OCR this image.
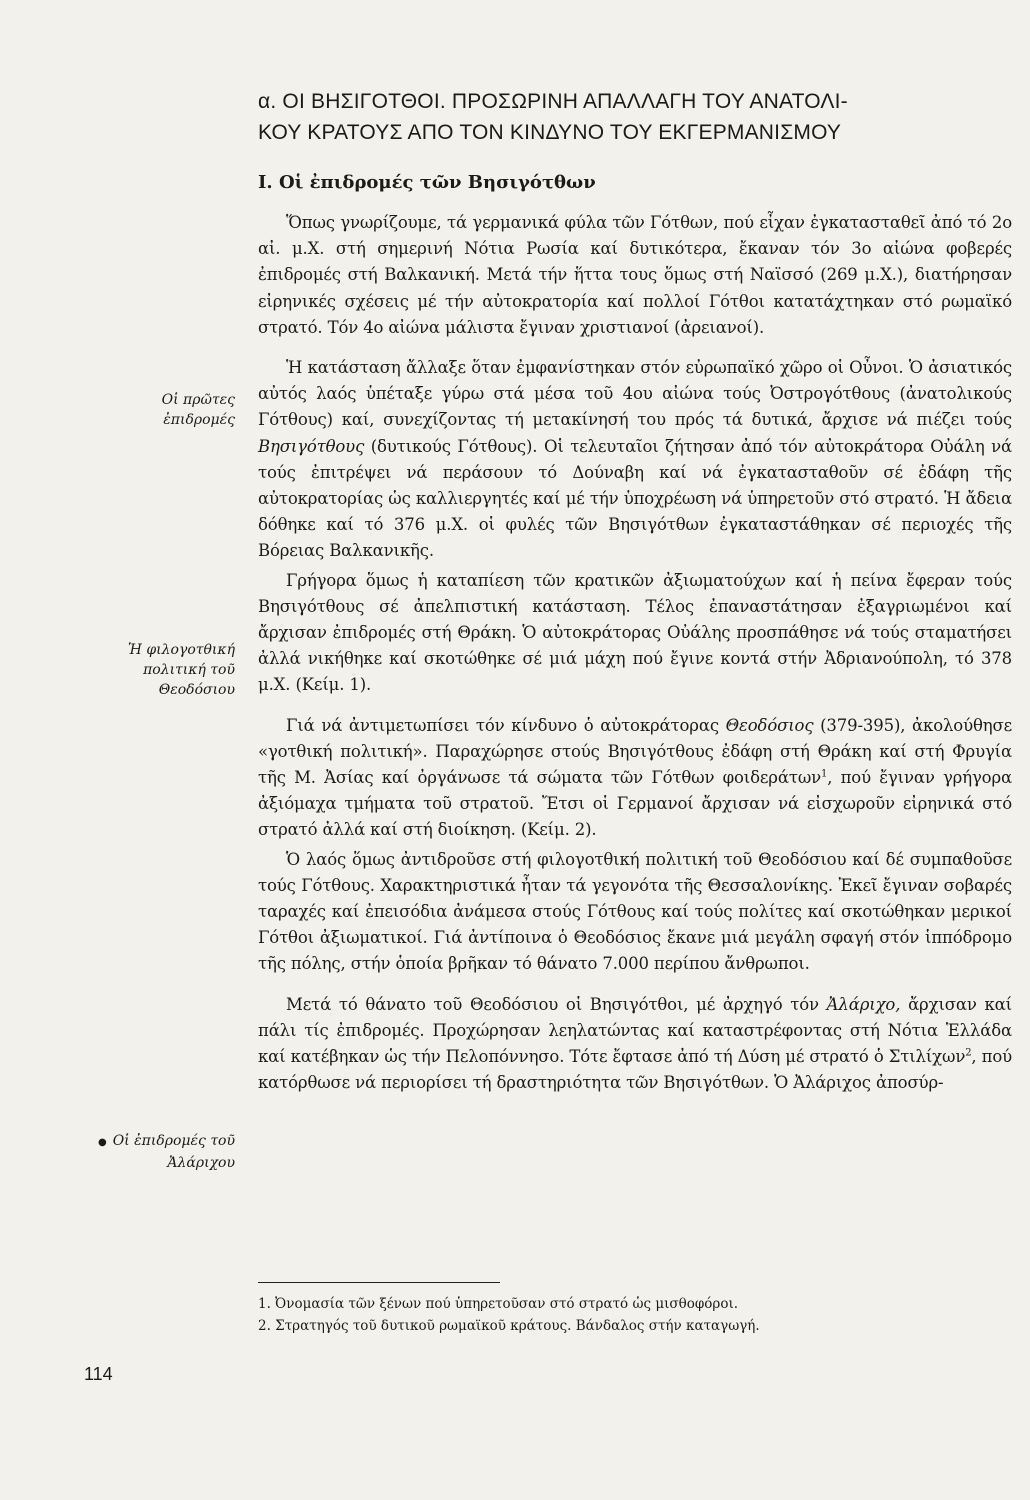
α. ΟΙ ΒΗΣΙΓΟΤΘΟΙ. ΠΡΟΣΩΡΙΝΗ ΑΠΑΛΛΑΓΗ ΤΟΥ ΑΝΑΤΟΛΙ-
ΚΟΥ ΚΡΑΤΟΥΣ ΑΠΟ ΤΟΝ ΚΙΝΔΥΝΟ ΤΟΥ ΕΚΓΕΡΜΑΝΙΣΜΟΥ
Ι. Οἱ ἐπιδρομές τῶν Βησιγότθων

Οἱ πρῶτες ἐπιδρομές

Ἡ φιλογοτθική πολιτική τοῦ Θεοδόσιου

● Οἱ ἐπιδρομές τοῦ Ἀλάριχου

Ὅπως γνωρίζουμε, τά γερμανικά φύλα τῶν Γότθων, πού εἶχαν ἐγκατασταθεῖ ἀπό τό 2ο αἰ. μ.Χ. στή σημερινή Νότια Ρωσία καί δυτικότερα, ἔκαναν τόν 3ο αἰώνα φοβερές ἐπιδρομές στή Βαλκανική. Μετά τήν ἥττα τους ὅμως στή Ναϊσσό (269 μ.Χ.), διατήρησαν εἰρηνικές σχέσεις μέ τήν αὐτοκρατορία καί πολλοί Γότθοι κατατάχτηκαν στό ρωμαϊκό στρατό. Τόν 4ο αἰώνα μάλιστα ἔγιναν χριστιανοί (ἀρειανοί).

Ἡ κατάσταση ἄλλαξε ὅταν ἐμφανίστηκαν στόν εὐρωπαϊκό χῶρο οἱ Οὖνοι. Ὁ ἀσιατικός αὐτός λαός ὑπέταξε γύρω στά μέσα τοῦ 4ου αἰώνα τούς Ὀστρογότθους (ἀνατολικούς Γότθους) καί, συνεχίζοντας τή μετακίνησή του πρός τά δυτικά, ἄρχισε νά πιέζει τούς Βησιγότθους (δυτικούς Γότθους). Οἱ τελευταῖοι ζήτησαν ἀπό τόν αὐτοκράτορα Οὐάλη νά τούς ἐπιτρέψει νά περάσουν τό Δούναβη καί νά ἐγκατασταθοῦν σέ ἐδάφη τῆς αὐτοκρατορίας ὡς καλλιεργητές καί μέ τήν ὑποχρέωση νά ὑπηρετοῦν στό στρατό. Ἡ ἄδεια δόθηκε καί τό 376 μ.Χ. οἱ φυλές τῶν Βησιγότθων ἐγκαταστάθηκαν σέ περιοχές τῆς Βόρειας Βαλκανικῆς.

Γρήγορα ὅμως ἡ καταπίεση τῶν κρατικῶν ἀξιωματούχων καί ἡ πείνα ἔφεραν τούς Βησιγότθους σέ ἀπελπιστική κατάσταση. Τέλος ἐπαναστάτησαν ἐξαγριωμένοι καί ἄρχισαν ἐπιδρομές στή Θράκη. Ὁ αὐτοκράτορας Οὐάλης προσπάθησε νά τούς σταματήσει ἀλλά νικήθηκε καί σκοτώθηκε σέ μιά μάχη πού ἔγινε κοντά στήν Ἀδριανούπολη, τό 378 μ.Χ. (Κείμ. 1).

Γιά νά ἀντιμετωπίσει τόν κίνδυνο ὁ αὐτοκράτορας Θεοδόσιος (379-395), ἀκολούθησε «γοτθική πολιτική». Παραχώρησε στούς Βησιγότθους ἐδάφη στή Θράκη καί στή Φρυγία τῆς Μ. Ἀσίας καί ὀργάνωσε τά σώματα τῶν Γότθων φοιδεράτων$^1$, πού ἔγιναν γρήγορα ἀξιόμαχα τμήματα τοῦ στρατοῦ. Ἔτσι οἱ Γερμανοί ἄρχισαν νά εἰσχωροῦν εἰρηνικά στό στρατό ἀλλά καί στή διοίκηση. (Κείμ. 2).

Ὁ λαός ὅμως ἀντιδροῦσε στή φιλογοτθική πολιτική τοῦ Θεοδόσιου καί δέ συμπαθοῦσε τούς Γότθους. Χαρακτηριστικά ἦταν τά γεγονότα τῆς Θεσσαλονίκης. Ἐκεῖ ἔγιναν σοβαρές ταραχές καί ἐπεισόδια ἀνάμεσα στούς Γότθους καί τούς πολίτες καί σκοτώθηκαν μερικοί Γότθοι ἀξιωματικοί. Γιά ἀντίποινα ὁ Θεοδόσιος ἔκανε μιά μεγάλη σφαγή στόν ἱππόδρομο τῆς πόλης, στήν ὁποία βρῆκαν τό θάνατο 7.000 περίπου ἄνθρωποι.

Μετά τό θάνατο τοῦ Θεοδόσιου οἱ Βησιγότθοι, μέ ἀρχηγό τόν Ἀλάριχο, ἄρχισαν καί πάλι τίς ἐπιδρομές. Προχώρησαν λεηλατώντας καί καταστρέφοντας στή Νότια Ἑλλάδα καί κατέβηκαν ὡς τήν Πελοπόννησο. Τότε ἔφτασε ἀπό τή Δύση μέ στρατό ὁ Στιλίχων$^2$, πού κατόρθωσε νά περιορίσει τή δραστηριότητα τῶν Βησιγότθων. Ὁ Ἀλάριχος ἀποσύρ-

1. Ὀνομασία τῶν ξένων πού ὑπηρετοῦσαν στό στρατό ὡς μισθοφόροι.

2. Στρατηγός τοῦ δυτικοῦ ρωμαϊκοῦ κράτους. Βάνδαλος στήν καταγωγή.

114
